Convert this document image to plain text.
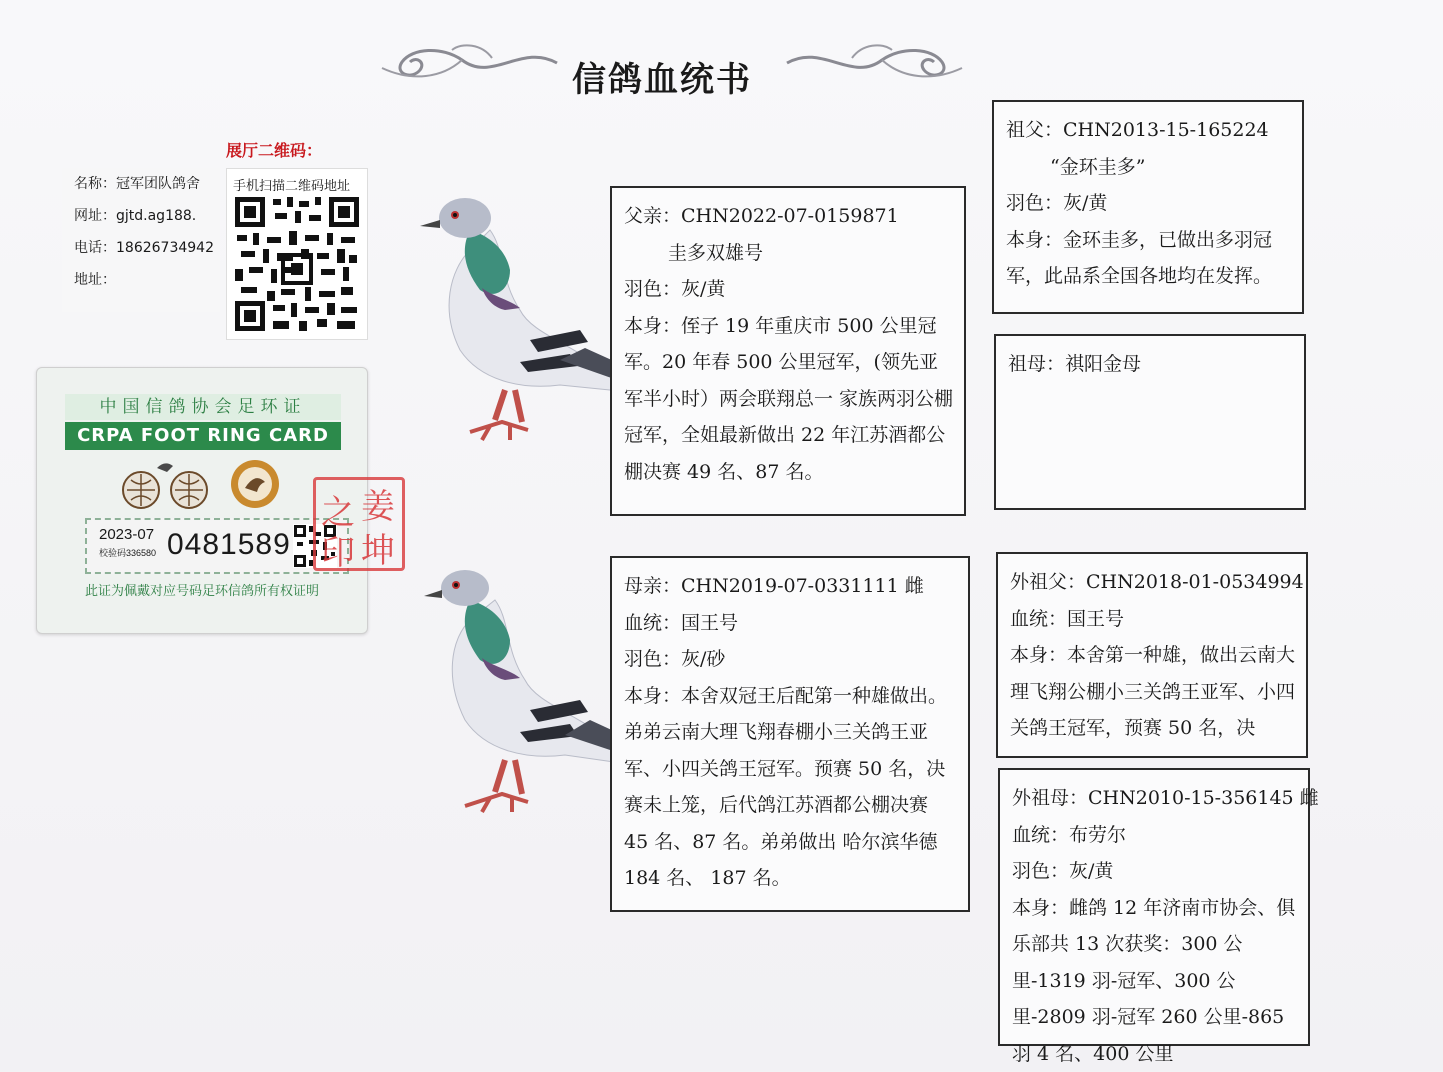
信鸽血统书
展厅二维码：
名称：冠军团队鸽舍
网址：gjtd.ag188.
电话：18626734942
地址：
手机扫描二维码地址
中国信鸽协会足环证
CRPA FOOT RING CARD
2023-07
校验码336580 0481589
此证为佩戴对应号码足环信鸽所有权证明
姜
之
坤
印
父亲：CHN2022-07-0159871
圭多双雄号
羽色：灰/黄
本身：侄子 19 年重庆市 500 公里冠军。20 年春 500 公里冠军，(领先亚军半小时）两会联翔总一 家族两羽公棚冠军，全姐最新做出 22 年江苏酒都公棚决赛 49 名、87 名。
母亲：CHN2019-07-0331111 雌
血统：国王号
羽色：灰/砂
本身：本舍双冠王后配第一种雄做出。弟弟云南大理飞翔春棚小三关鸽王亚军、小四关鸽王冠军。预赛 50 名，决赛未上笼，后代鸽江苏酒都公棚决赛 45 名、87 名。弟弟做出 哈尔滨华德 184 名、 187 名。
祖父：CHN2013-15-165224
“金环圭多”
羽色：灰/黄
本身：金环圭多，已做出多羽冠军，此品系全国各地均在发挥。
祖母：祺阳金母
外祖父：CHN2018-01-0534994
血统：国王号
本身：本舍第一种雄，做出云南大理飞翔公棚小三关鸽王亚军、小四关鸽王冠军，预赛 50 名，决
外祖母：CHN2010-15-356145 雌
血统：布劳尔
羽色：灰/黄
本身：雌鸽 12 年济南市协会、俱乐部共 13 次获奖：300 公里-1319 羽-冠军、300 公里-2809 羽-冠军 260 公里-865 羽 4 名、400 公里
